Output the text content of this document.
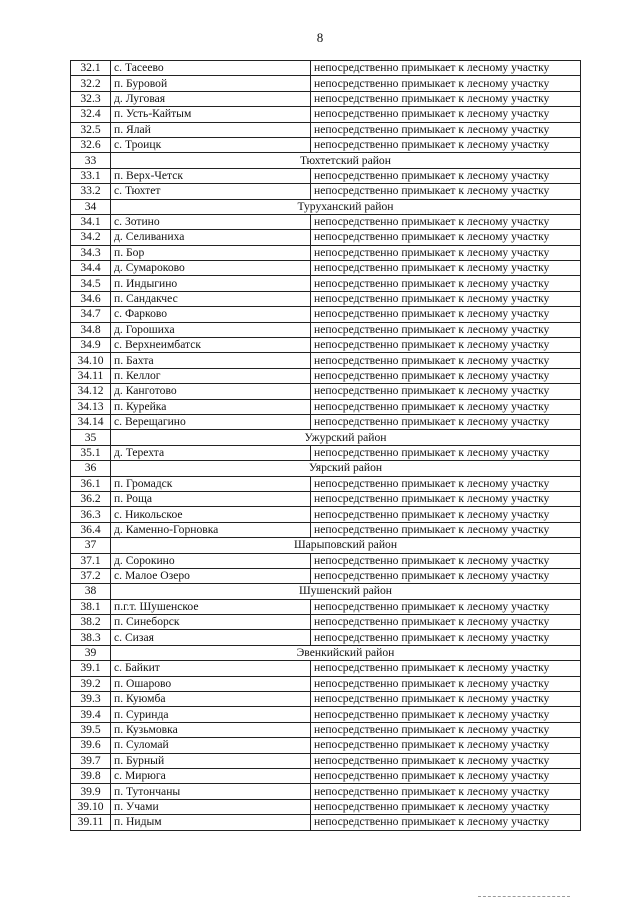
8
32.1	с. Тасеево	непосредственно примыкает к лесному участку
32.2	п. Буровой	непосредственно примыкает к лесному участку
32.3	д. Луговая	непосредственно примыкает к лесному участку
32.4	п. Усть-Кайтым	непосредственно примыкает к лесному участку
32.5	п. Ялай	непосредственно примыкает к лесному участку
32.6	с. Троицк	непосредственно примыкает к лесному участку
33	Тюхтетский район	
33.1	п. Верх-Четск	непосредственно примыкает к лесному участку
33.2	с. Тюхтет	непосредственно примыкает к лесному участку
34	Туруханский район	
34.1	с. Зотино	непосредственно примыкает к лесному участку
34.2	д. Селиваниха	непосредственно примыкает к лесному участку
34.3	п. Бор	непосредственно примыкает к лесному участку
34.4	д. Сумароково	непосредственно примыкает к лесному участку
34.5	п. Индыгино	непосредственно примыкает к лесному участку
34.6	п. Сандакчес	непосредственно примыкает к лесному участку
34.7	с. Фарково	непосредственно примыкает к лесному участку
34.8	д. Горошиха	непосредственно примыкает к лесному участку
34.9	с. Верхнеимбатск	непосредственно примыкает к лесному участку
34.10	п. Бахта	непосредственно примыкает к лесному участку
34.11	п. Келлог	непосредственно примыкает к лесному участку
34.12	д. Канготово	непосредственно примыкает к лесному участку
34.13	п. Курейка	непосредственно примыкает к лесному участку
34.14	с. Верещагино	непосредственно примыкает к лесному участку
35	Ужурский район	
35.1	д. Терехта	непосредственно примыкает к лесному участку
36	Уярский район	
36.1	п. Громадск	непосредственно примыкает к лесному участку
36.2	п. Роща	непосредственно примыкает к лесному участку
36.3	с. Никольское	непосредственно примыкает к лесному участку
36.4	д. Каменно-Горновка	непосредственно примыкает к лесному участку
37	Шарыповский район	
37.1	д. Сорокино	непосредственно примыкает к лесному участку
37.2	с. Малое Озеро	непосредственно примыкает к лесному участку
38	Шушенский район	
38.1	п.г.т. Шушенское	непосредственно примыкает к лесному участку
38.2	п. Синеборск	непосредственно примыкает к лесному участку
38.3	с. Сизая	непосредственно примыкает к лесному участку
39	Эвенкийский район	
39.1	с. Байкит	непосредственно примыкает к лесному участку
39.2	п. Ошарово	непосредственно примыкает к лесному участку
39.3	п. Куюмба	непосредственно примыкает к лесному участку
39.4	п. Суринда	непосредственно примыкает к лесному участку
39.5	п. Кузьмовка	непосредственно примыкает к лесному участку
39.6	п. Суломай	непосредственно примыкает к лесному участку
39.7	п. Бурный	непосредственно примыкает к лесному участку
39.8	с. Мирюга	непосредственно примыкает к лесному участку
39.9	п. Тутончаны	непосредственно примыкает к лесному участку
39.10	п. Учами	непосредственно примыкает к лесному участку
39.11	п. Нидым	непосредственно примыкает к лесному участку
